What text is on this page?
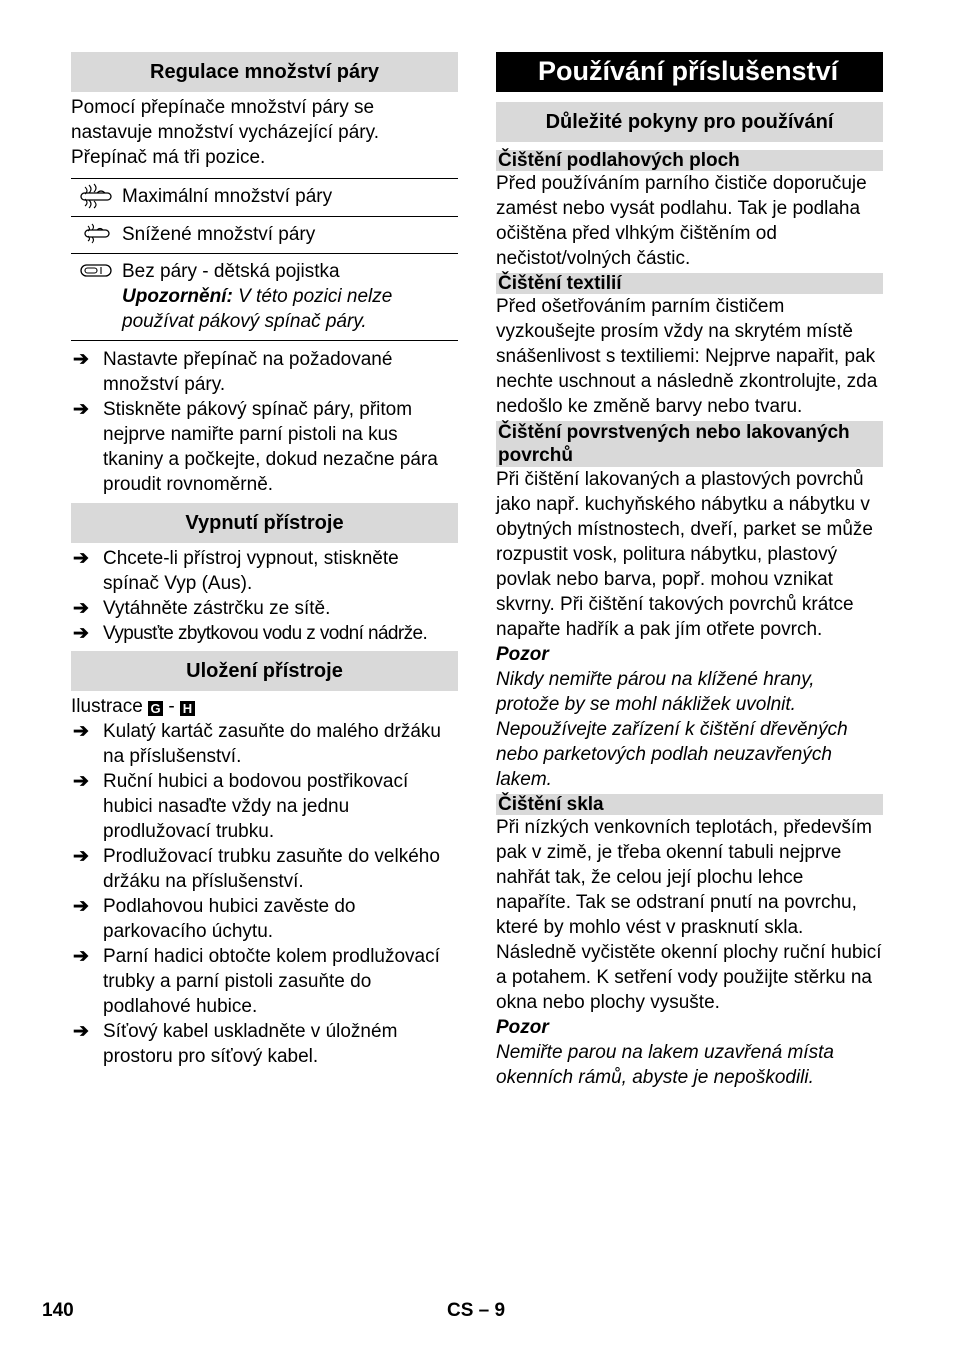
Regulace množství páry

Pomocí přepínače množství páry se nastavuje množství vycházející páry. Přepínač má tři pozice.

	Maximální množství páry
	Snížené množství páry

Bez páry - dětská pojistka
Upozornění: V této pozici nelze používat pákový spínač páry.
➔ Nastavte přepínač na požadované množství páry.
➔ Stiskněte pákový spínač páry, přitom nejprve namiřte parní pistoli na kus tkaniny a počkejte, dokud nezačne pára proudit rovnoměrně.
Vypnutí přístroje
➔ Chcete-li přístroj vypnout, stiskněte spínač Vyp (Aus).
➔ Vytáhněte zástrčku ze sítě.
➔ Vypusťte zbytkovou vodu z vodní nádrže.
Uložení přístroje

Ilustrace G - H

➔ Kulatý kartáč zasuňte do malého držáku na příslušenství.
➔ Ruční hubici a bodovou postřikovací hubici nasaďte vždy na jednu prodlužovací trubku.
➔ Prodlužovací trubku zasuňte do velkého držáku na příslušenství.
➔ Podlahovou hubici zavěste do parkovacího úchytu.
➔ Parní hadici obtočte kolem prodlužovací trubky a parní pistoli zasuňte do podlahové hubice.
➔ Síťový kabel uskladněte v úložném prostoru pro síťový kabel.
Používání příslušenství
Důležité pokyny pro používání
Čištění podlahových ploch

Před používáním parního čističe doporučuje zamést nebo vysát podlahu. Tak je podlaha očištěna před vlhkým čištěním od nečistot/volných částic.

Čištění textilií

Před ošetřováním parním čističem vyzkoušejte prosím vždy na skrytém místě snášenlivost s textiliemi: Nejprve napařit, pak nechte uschnout a následně zkontrolujte, zda nedošlo ke změně barvy nebo tvaru.

Čištění povrstvených nebo lakovaných povrchů

Při čištění lakovaných a plastových povrchů jako např. kuchyňského nábytku a nábytku v obytných místnostech, dveří, parket se může rozpustit vosk, politura nábytku, plastový povlak nebo barva, popř. mohou vznikat skvrny. Při čištění takových povrchů krátce napařte hadřík a pak jím otřete povrch.

Pozor

Nikdy nemiřte párou na klížené hrany, protože by se mohl nákližek uvolnit. Nepoužívejte zařízení k čištění dřevěných nebo parketových podlah neuzavřených lakem.

Čištění skla

Při nízkých venkovních teplotách, především pak v zimě, je třeba okenní tabuli nejprve nahřát tak, že celou její plochu lehce napaříte. Tak se odstraní pnutí na povrchu, které by mohlo vést v prasknutí skla. Následně vyčistěte okenní plochy ruční hubicí a potahem. K setření vody použijte stěrku na okna nebo plochy vysušte.

Pozor

Nemiřte parou na lakem uzavřená místa okenních rámů, abyste je nepoškodili.

140	CS – 9
